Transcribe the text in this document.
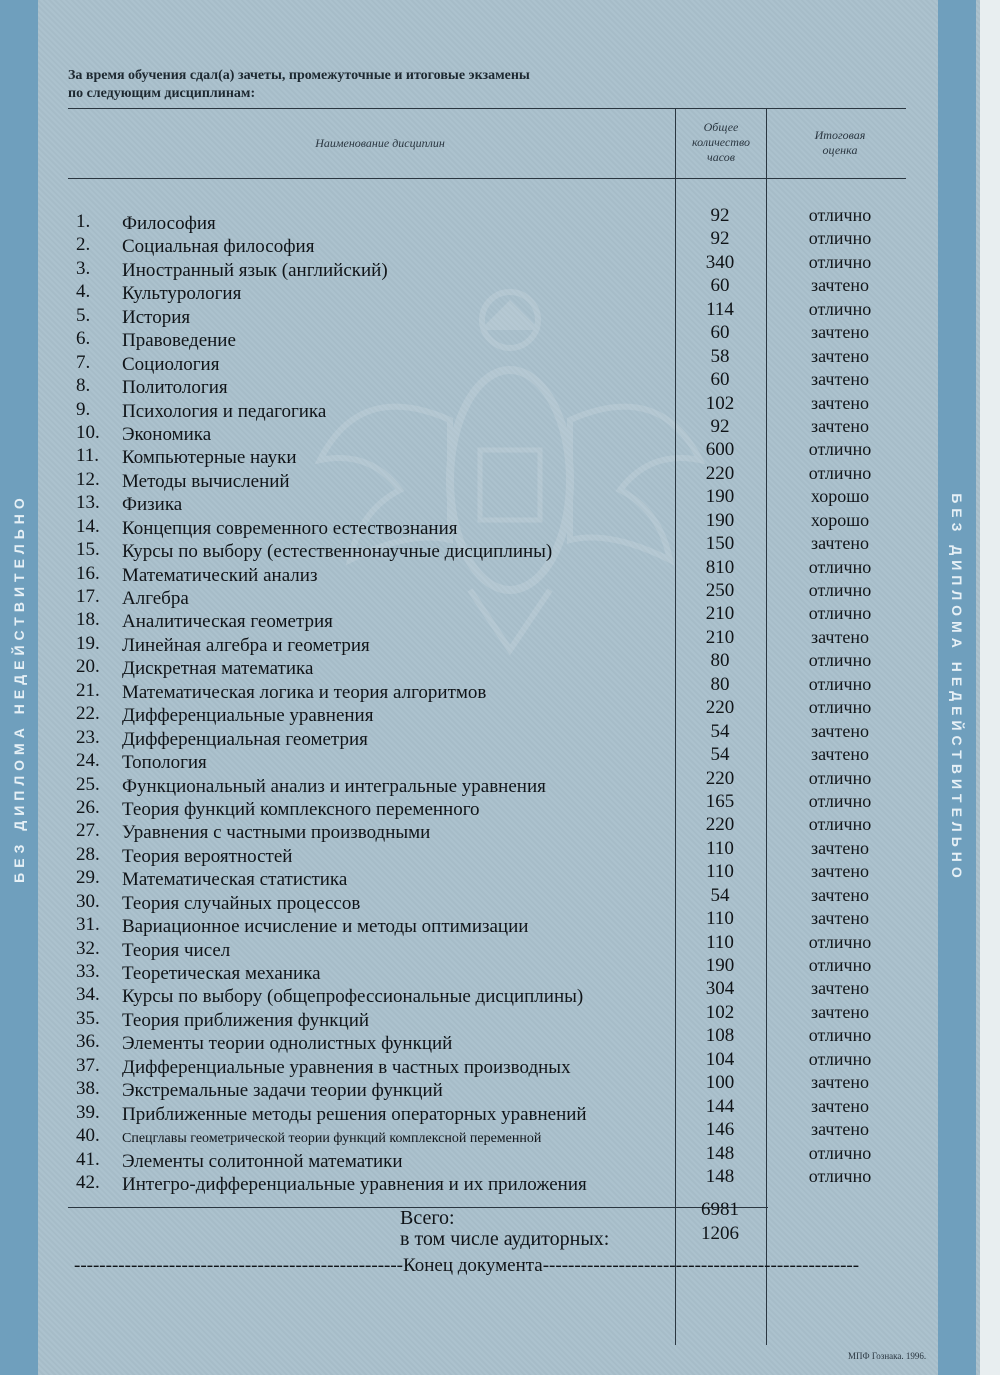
БЕЗ ДИПЛОМА НЕДЕЙСТВИТЕЛЬНО	БЕЗ ДИПЛОМА НЕДЕЙСТВИТЕЛЬНО
За время обучения сдал(а) зачеты, промежуточные и итоговые экзамены
по следующим дисциплинам:
Наименование дисциплин
Общее
количество
часов
Итоговая
оценка
1. Философия	92	отлично
2. Социальная философия	92	отлично
3. Иностранный язык (английский)	340	отлично
4. Культурология	60	зачтено
5. История	114	отлично
6. Правоведение	60	зачтено
7. Социология	58	зачтено
8. Политология	60	зачтено
9. Психология и педагогика	102	зачтено
10. Экономика	92	зачтено
11. Компьютерные науки	600	отлично
12. Методы вычислений	220	отлично
13. Физика	190	хорошо
14. Концепция современного естествознания	190	хорошо
15. Курсы по выбору (естественнонаучные дисциплины)	150	зачтено
16. Математический анализ	810	отлично
17. Алгебра	250	отлично
18. Аналитическая геометрия	210	отлично
19. Линейная алгебра и геометрия	210	зачтено
20. Дискретная математика	80	отлично
21. Математическая логика и теория алгоритмов	80	отлично
22. Дифференциальные уравнения	220	отлично
23. Дифференциальная геометрия	54	зачтено
24. Топология	54	зачтено
25. Функциональный анализ и интегральные уравнения	220	отлично
26. Теория функций комплексного переменного	165	отлично
27. Уравнения с частными производными	220	отлично
28. Теория вероятностей	110	зачтено
29. Математическая статистика	110	зачтено
30. Теория случайных процессов	54	зачтено
31. Вариационное исчисление и методы оптимизации	110	зачтено
32. Теория чисел	110	отлично
33. Теоретическая механика	190	отлично
34. Курсы по выбору (общепрофессиональные дисциплины)	304	зачтено
35. Теория приближения функций	102	зачтено
36. Элементы теории однолистных функций	108	отлично
37. Дифференциальные уравнения в частных производных	104	отлично
38. Экстремальные задачи теории функций	100	зачтено
39. Приближенные методы решения операторных уравнений	144	зачтено
40. Спецглавы геометрической теории функций комплексной переменной	146	зачтено
41. Элементы солитонной математики	148	отлично
42. Интегро-дифференциальные уравнения и их приложения	148	отлично
Всего:	6981
в том числе аудиторных:	1206
----------------------------------------------------Конец документа--------------------------------------------------
МПФ Гознака. 1996.
